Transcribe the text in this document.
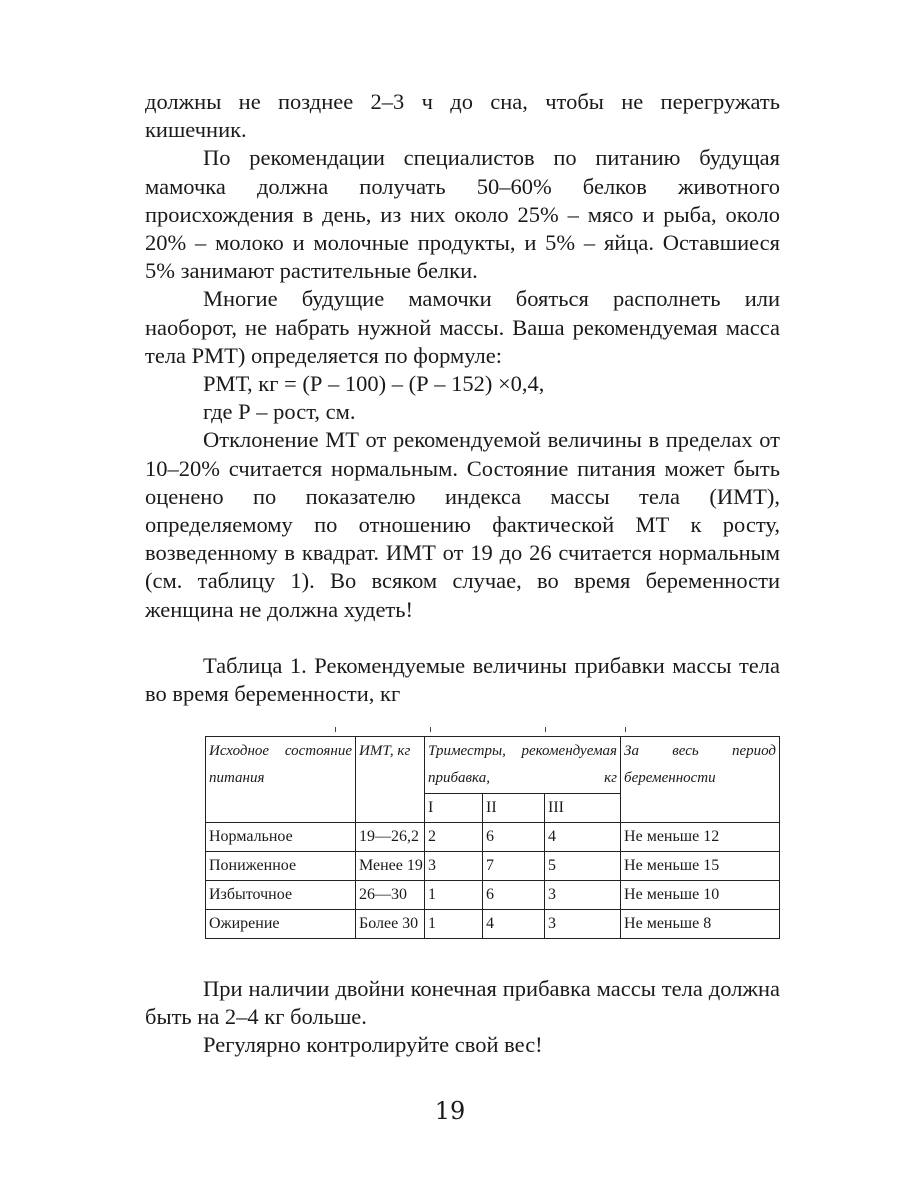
должны не позднее 2–3 ч до сна, чтобы не перегружать кишечник.

По рекомендации специалистов по питанию будущая мамочка должна получать 50–60% белков животного происхождения в день, из них около 25% – мясо и рыба, около 20% – молоко и молочные продукты, и 5% – яйца. Оставшиеся 5% занимают растительные белки.

Многие будущие мамочки бояться располнеть или наоборот, не набрать нужной массы. Ваша рекомендуемая масса тела РМТ) определяется по формуле:

РМТ, кг = (Р – 100) – (Р – 152) ×0,4,

где Р – рост, см.

Отклонение МТ от рекомендуемой величины в пределах от 10–20% считается нормальным. Состояние питания может быть оценено по показателю индекса массы тела (ИМТ), определяемому по отношению фактической МТ к росту, возведенному в квадрат. ИМТ от 19 до 26 считается нормальным (см. таблицу 1). Во всяком случае, во время беременности женщина не должна худеть!

Таблица 1. Рекомендуемые величины прибавки массы тела во время беременности, кг

Исходное состояние питания	ИМТ, кг	Триместры, рекомендуемая прибавка, кг			За весь период беременности
		I	II	III	
Нормальное	19—26,2	2	6	4	Не меньше 12
Пониженное	Менее 19	3	7	5	Не меньше 15
Избыточное	26—30	1	6	3	Не меньше 10
Ожирение	Более 30	1	4	3	Не меньше 8

При наличии двойни конечная прибавка массы тела должна быть на 2–4 кг больше.

Регулярно контролируйте свой вес!

19
